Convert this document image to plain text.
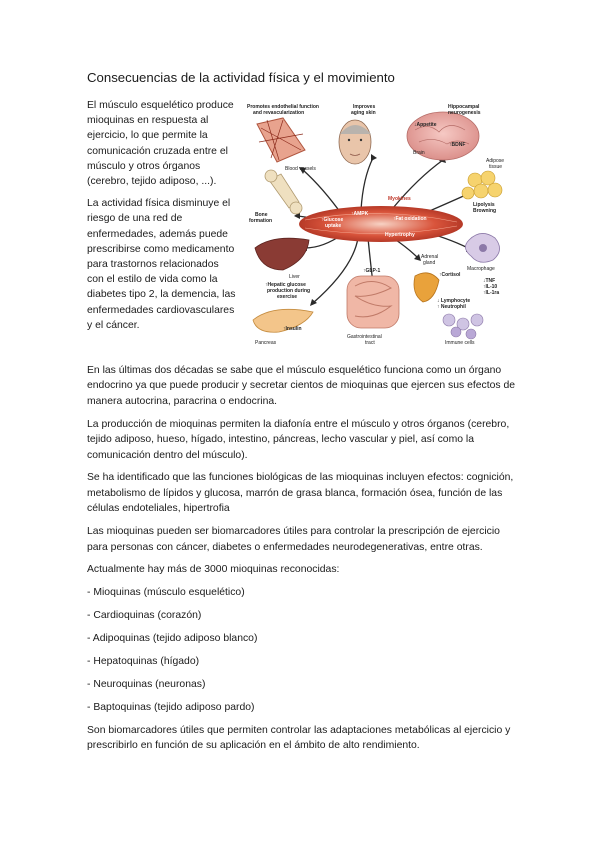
Consecuencias de la actividad física y el movimiento

El músculo esquelético produce mioquinas en respuesta al ejercicio, lo que permite la comunicación cruzada entre el músculo y otros órganos (cerebro, tejido adiposo, ...).

La actividad física disminuye el riesgo de una red de enfermedades, además puede prescribirse como medicamento para trastornos relacionados con el estilo de vida como la diabetes tipo 2, la demencia, las enfermedades cardiovasculares y el cáncer.

Promotes endothelial function
and revascularization
Blood vessels
Improves
aging skin
Hippocampal
neurogenesis
↓Appetite
↑BDNF
Brain
Adipose
tissue
Lipolysis
Browning
Bone
formation
Myokines
↑AMPK
↑Glucose
uptake
↑Fat oxidation
Hypertrophy
Liver
↑Hepatic glucose
production during
exercise
↑Insulin
Pancreas
↑GLP-1
Gastrointestinal
tract
Adrenal
gland
↑Cortisol
Macrophage
↓TNF
↑IL-10
↑IL-1ra
↓ Lymphocyte
↑ Neutrophil
Immune cells

En las últimas dos décadas se sabe que el músculo esquelético funciona como un órgano endocrino ya que puede producir y secretar cientos de mioquinas que ejercen sus efectos de manera autocrina, paracrina o endocrina.

La producción de mioquinas permiten la diafonía entre el músculo y otros órganos (cerebro, tejido adiposo, hueso, hígado, intestino, páncreas, lecho vascular y piel, así como la comunicación dentro del músculo).

Se ha identificado que las funciones biológicas de las mioquinas incluyen efectos: cognición, metabolismo de lípidos y glucosa, marrón de grasa blanca, formación ósea, función de las células endoteliales, hipertrofia

Las mioquinas pueden ser biomarcadores útiles para controlar la prescripción de ejercicio para personas con cáncer, diabetes o enfermedades neurodegenerativas, entre otras.

Actualmente hay más de 3000 mioquinas reconocidas:

- Mioquinas (músculo esquelético)
- Cardioquinas (corazón)
- Adipoquinas (tejido adiposo blanco)
- Hepatoquinas (hígado)
- Neuroquinas (neuronas)
- Baptoquinas (tejido adiposo pardo)

Son biomarcadores útiles que permiten controlar las adaptaciones metabólicas al ejercicio y prescribirlo en función de su aplicación en el ámbito de alto rendimiento.
